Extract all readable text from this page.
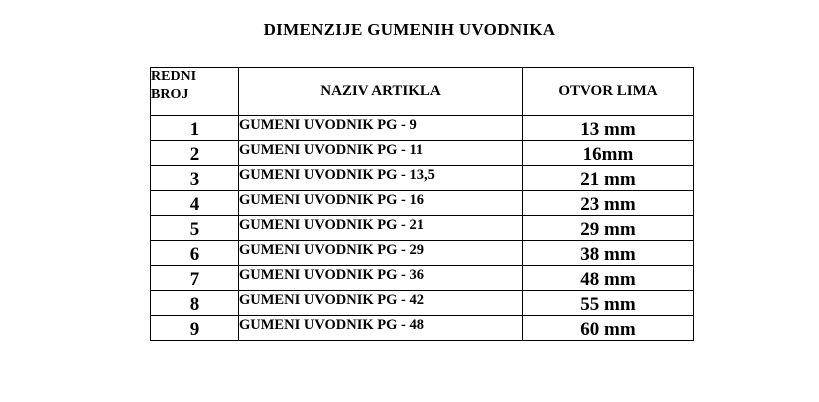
DIMENZIJE GUMENIH UVODNIKA
REDNI
BROJ	NAZIV ARTIKLA	OTVOR LIMA
1	GUMENI UVODNIK PG - 9	13 mm
2	GUMENI UVODNIK PG - 11	16mm
3	GUMENI UVODNIK PG - 13,5	21 mm
4	GUMENI UVODNIK PG - 16	23 mm
5	GUMENI UVODNIK PG - 21	29 mm
6	GUMENI UVODNIK PG - 29	38 mm
7	GUMENI UVODNIK PG - 36	48 mm
8	GUMENI UVODNIK PG - 42	55 mm
9	GUMENI UVODNIK PG - 48	60 mm
